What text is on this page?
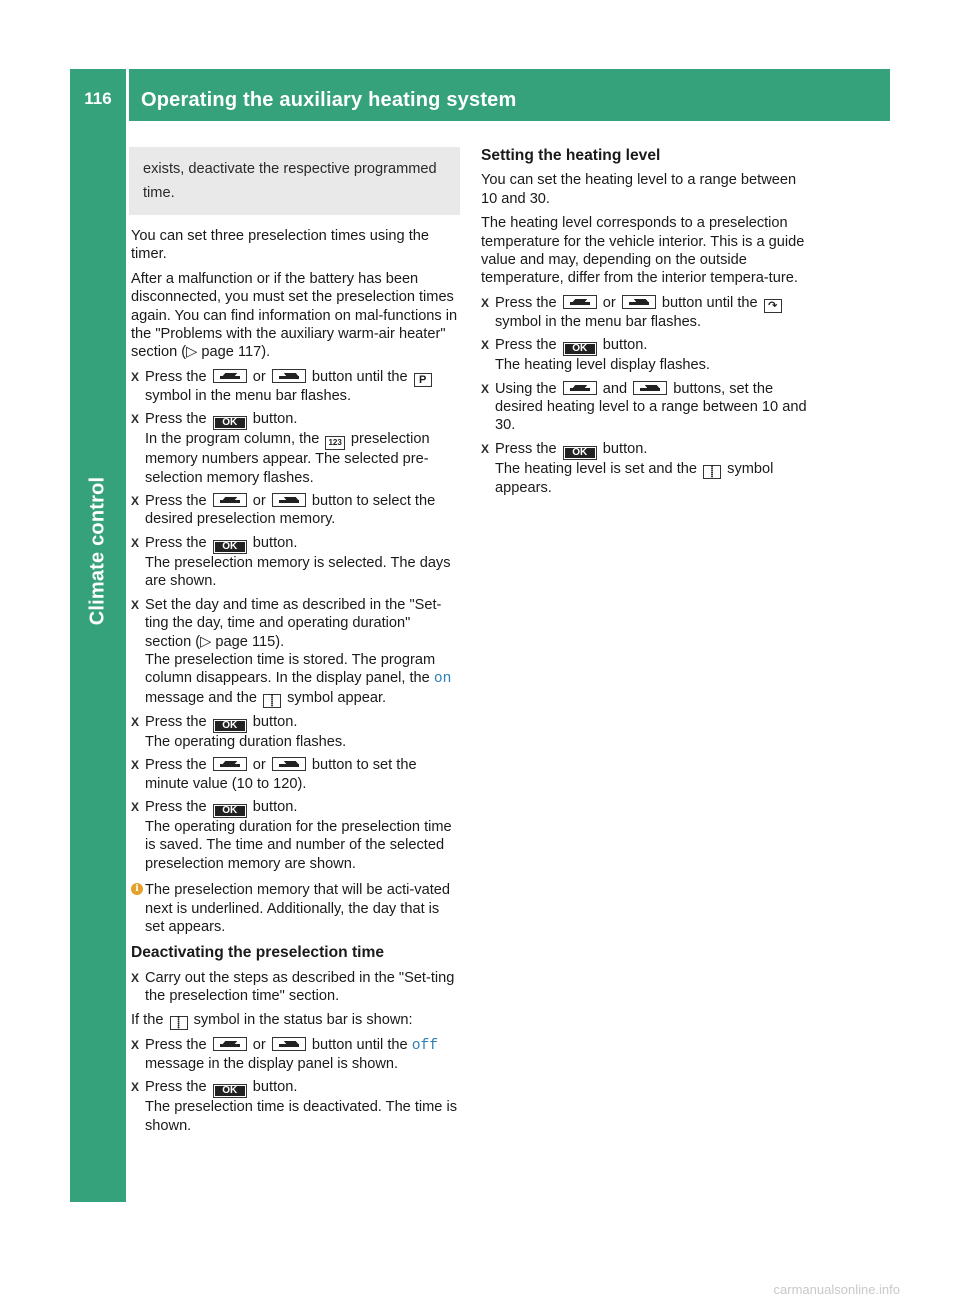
116	Operating the auxiliary heating system
Climate control
exists, deactivate the respective programmed time.

You can set three preselection times using the timer.

After a malfunction or if the battery has been disconnected, you must set the preselection times again. You can find information on mal-functions in the "Problems with the auxiliary warm-air heater" section (▷ page 117).

X Press the	or	button until the P symbol in the menu bar flashes.
X Press the	OK	button.
In the program column, the 123 preselection memory numbers appear. The selected pre-selection memory flashes.
X Press the	or	button to select the desired preselection memory.
X Press the	OK	button.
The preselection memory is selected. The days are shown.
X Set the day and time as described in the "Set-ting the day, time and operating duration" section (▷ page 115).
The preselection time is stored. The program column disappears. In the display panel, the on message and the ⸽ symbol appear.
X Press the	OK	button.
The operating duration flashes.
X Press the	or	button to set the minute value (10 to 120).
X Press the	OK	button.
The operating duration for the preselection time is saved. The time and number of the selected preselection memory are shown.
i The preselection memory that will be acti-vated next is underlined. Additionally, the day that is set appears.
Deactivating the preselection time
X Carry out the steps as described in the "Set-ting the preselection time" section.

If the ⸽ symbol in the status bar is shown:

X Press the	or	button until the off message in the display panel is shown.
X Press the	OK	button.
The preselection time is deactivated. The time is shown.
Setting the heating level

You can set the heating level to a range between 10 and 30.

The heating level corresponds to a preselection temperature for the vehicle interior. This is a guide value and may, depending on the outside temperature, differ from the interior tempera-ture.

X Press the	or	button until the ↷ symbol in the menu bar flashes.
X Press the	OK	button.
The heating level display flashes.
X Using the	and	buttons, set the desired heating level to a range between 10 and 30.
X Press the	OK	button.
The heating level is set and the ⸽ symbol appears.
carmanualsonline.info
